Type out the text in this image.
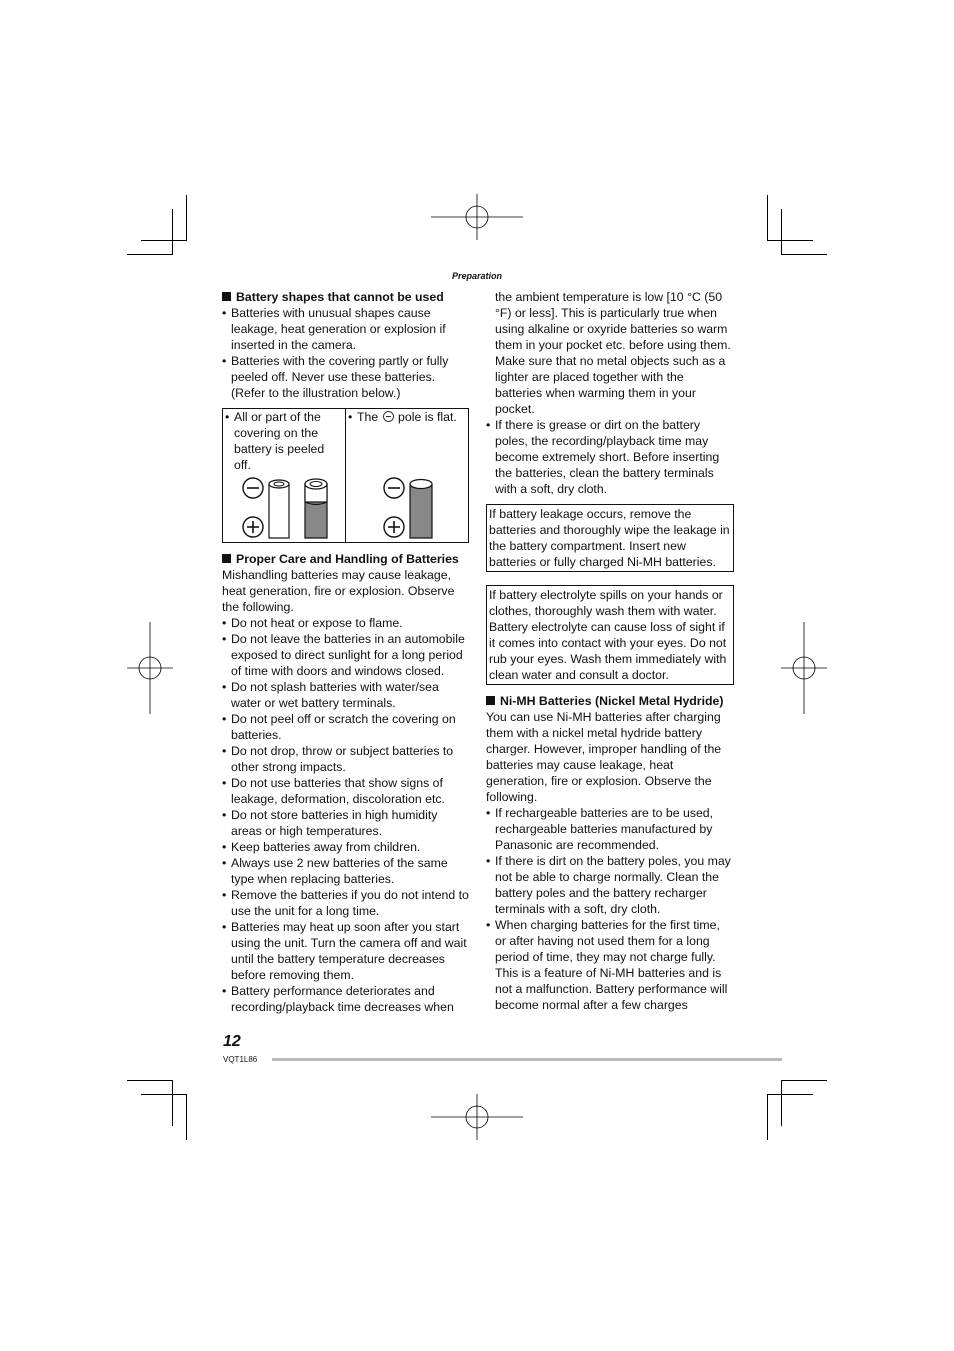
Preparation

Battery shapes that cannot be used

• Batteries with unusual shapes cause leakage, heat generation or explosion if inserted in the camera.
• Batteries with the covering partly or fully peeled off. Never use these batteries. (Refer to the illustration below.)
• All or part of the covering on the battery is peeled off.
• The pole is flat.

Proper Care and Handling of Batteries

Mishandling batteries may cause leakage, heat generation, fire or explosion. Observe the following.

• Do not heat or expose to flame.
• Do not leave the batteries in an automobile exposed to direct sunlight for a long period of time with doors and windows closed.
• Do not splash batteries with water/sea water or wet battery terminals.
• Do not peel off or scratch the covering on batteries.
• Do not drop, throw or subject batteries to other strong impacts.
• Do not use batteries that show signs of leakage, deformation, discoloration etc.
• Do not store batteries in high humidity areas or high temperatures.
• Keep batteries away from children.
• Always use 2 new batteries of the same type when replacing batteries.
• Remove the batteries if you do not intend to use the unit for a long time.
• Batteries may heat up soon after you start using the unit. Turn the camera off and wait until the battery temperature decreases before removing them.
• Battery performance deteriorates and recording/playback time decreases when

the ambient temperature is low [10 °C (50 °F) or less]. This is particularly true when using alkaline or oxyride batteries so warm them in your pocket etc. before using them. Make sure that no metal objects such as a lighter are placed together with the batteries when warming them in your pocket.

• If there is grease or dirt on the battery poles, the recording/playback time may become extremely short. Before inserting the batteries, clean the battery terminals with a soft, dry cloth.
If battery leakage occurs, remove the batteries and thoroughly wipe the leakage in the battery compartment. Insert new batteries or fully charged Ni-MH batteries.
If battery electrolyte spills on your hands or clothes, thoroughly wash them with water. Battery electrolyte can cause loss of sight if it comes into contact with your eyes. Do not rub your eyes. Wash them immediately with clean water and consult a doctor.

Ni-MH Batteries (Nickel Metal Hydride)

You can use Ni-MH batteries after charging them with a nickel metal hydride battery charger. However, improper handling of the batteries may cause leakage, heat generation, fire or explosion. Observe the following.

• If rechargeable batteries are to be used, rechargeable batteries manufactured by Panasonic are recommended.
• If there is dirt on the battery poles, you may not be able to charge normally. Clean the battery poles and the battery recharger terminals with a soft, dry cloth.
• When charging batteries for the first time, or after having not used them for a long period of time, they may not charge fully. This is a feature of Ni-MH batteries and is not a malfunction. Battery performance will become normal after a few charges
12
VQT1L86
